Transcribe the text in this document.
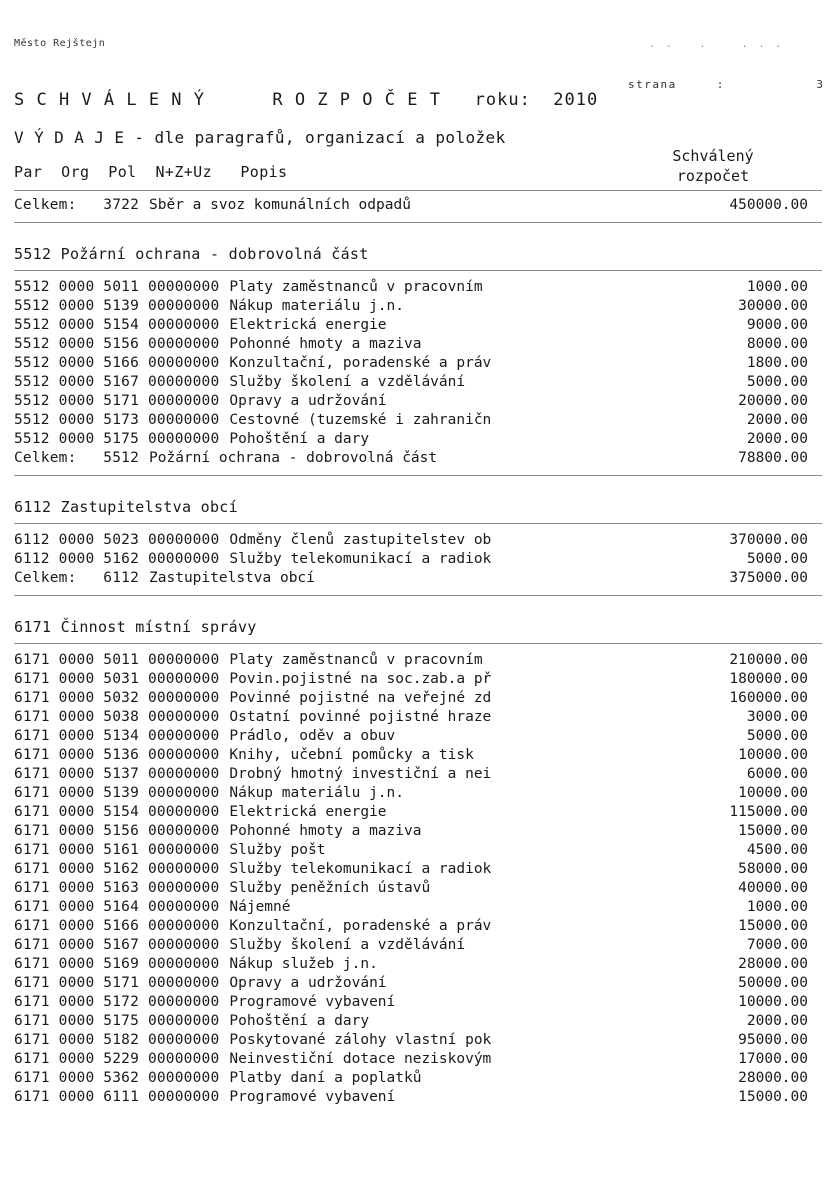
Město Rejštejn	. .   .    . . .
strana	:	3
S C H V Á L E N Ý      R O Z P O Č E T   roku:  2010
V Ý D A J E - dle paragrafů, organizací a položek
Par  Org  Pol  N+Z+Uz   Popis
Schválený
rozpočet
Celkem:   3722 Sběr a svoz komunálních odpadů	450000.00
5512 Požární ochrana - dobrovolná část
5512 0000 5011 00000000 Platy zaměstnanců v pracovním	1000.00
5512 0000 5139 00000000 Nákup materiálu j.n.	30000.00
5512 0000 5154 00000000 Elektrická energie	9000.00
5512 0000 5156 00000000 Pohonné hmoty a maziva	8000.00
5512 0000 5166 00000000 Konzultační, poradenské a práv	1800.00
5512 0000 5167 00000000 Služby školení a vzdělávání	5000.00
5512 0000 5171 00000000 Opravy a udržování	20000.00
5512 0000 5173 00000000 Cestovné (tuzemské i zahraničn	2000.00
5512 0000 5175 00000000 Pohoštění a dary	2000.00
Celkem:   5512 Požární ochrana - dobrovolná část	78800.00
6112 Zastupitelstva obcí
6112 0000 5023 00000000 Odměny členů zastupitelstev ob	370000.00
6112 0000 5162 00000000 Služby telekomunikací a radiok	5000.00
Celkem:   6112 Zastupitelstva obcí	375000.00
6171 Činnost místní správy
6171 0000 5011 00000000 Platy zaměstnanců v pracovním	210000.00
6171 0000 5031 00000000 Povin.pojistné na soc.zab.a př	180000.00
6171 0000 5032 00000000 Povinné pojistné na veřejné zd	160000.00
6171 0000 5038 00000000 Ostatní povinné pojistné hraze	3000.00
6171 0000 5134 00000000 Prádlo, oděv a obuv	5000.00
6171 0000 5136 00000000 Knihy, učební pomůcky a tisk	10000.00
6171 0000 5137 00000000 Drobný hmotný investiční a nei	6000.00
6171 0000 5139 00000000 Nákup materiálu j.n.	10000.00
6171 0000 5154 00000000 Elektrická energie	115000.00
6171 0000 5156 00000000 Pohonné hmoty a maziva	15000.00
6171 0000 5161 00000000 Služby pošt	4500.00
6171 0000 5162 00000000 Služby telekomunikací a radiok	58000.00
6171 0000 5163 00000000 Služby peněžních ústavů	40000.00
6171 0000 5164 00000000 Nájemné	1000.00
6171 0000 5166 00000000 Konzultační, poradenské a práv	15000.00
6171 0000 5167 00000000 Služby školení a vzdělávání	7000.00
6171 0000 5169 00000000 Nákup služeb j.n.	28000.00
6171 0000 5171 00000000 Opravy a udržování	50000.00
6171 0000 5172 00000000 Programové vybavení	10000.00
6171 0000 5175 00000000 Pohoštění a dary	2000.00
6171 0000 5182 00000000 Poskytované zálohy vlastní pok	95000.00
6171 0000 5229 00000000 Neinvestiční dotace neziskovým	17000.00
6171 0000 5362 00000000 Platby daní a poplatků	28000.00
6171 0000 6111 00000000 Programové vybavení	15000.00
